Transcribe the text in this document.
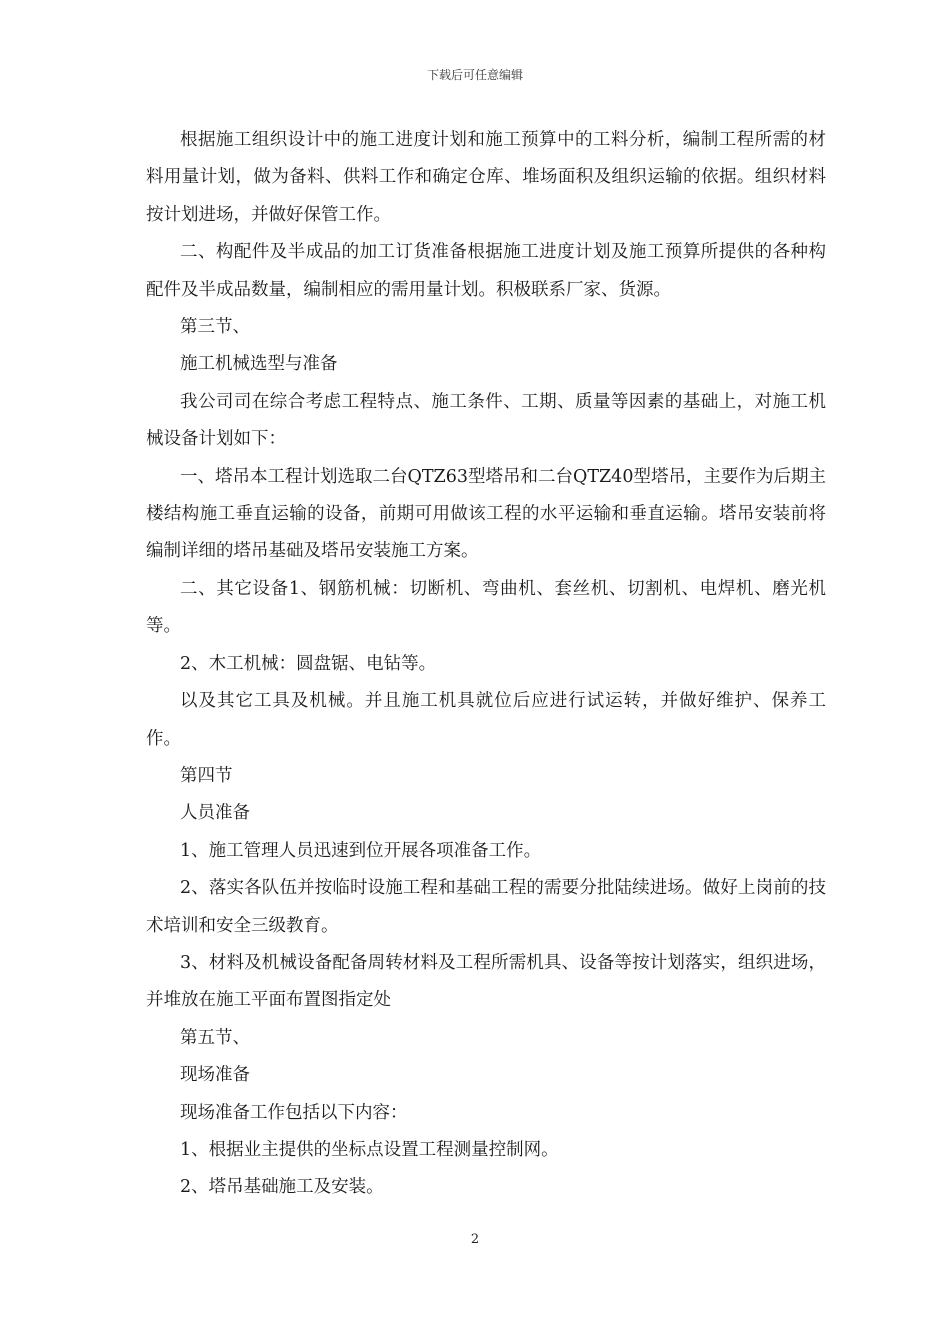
下载后可任意编辑

根据施工组织设计中的施工进度计划和施工预算中的工料分析，编制工程所需的材料用量计划，做为备料、供料工作和确定仓库、堆场面积及组织运输的依据。组织材料按计划进场，并做好保管工作。

二、构配件及半成品的加工订货准备根据施工进度计划及施工预算所提供的各种构配件及半成品数量，编制相应的需用量计划。积极联系厂家、货源。

第三节、

施工机械选型与准备

我公司司在综合考虑工程特点、施工条件、工期、质量等因素的基础上，对施工机械设备计划如下：

一、塔吊本工程计划选取二台QTZ63型塔吊和二台QTZ40型塔吊，主要作为后期主楼结构施工垂直运输的设备，前期可用做该工程的水平运输和垂直运输。塔吊安装前将编制详细的塔吊基础及塔吊安装施工方案。

二、其它设备1、钢筋机械：切断机、弯曲机、套丝机、切割机、电焊机、磨光机等。

2、木工机械：圆盘锯、电钻等。

以及其它工具及机械。并且施工机具就位后应进行试运转，并做好维护、保养工作。

第四节

人员准备

1、施工管理人员迅速到位开展各项准备工作。

2、落实各队伍并按临时设施工程和基础工程的需要分批陆续进场。做好上岗前的技术培训和安全三级教育。

3、材料及机械设备配备周转材料及工程所需机具、设备等按计划落实，组织进场，并堆放在施工平面布置图指定处

第五节、

现场准备

现场准备工作包括以下内容：

1、根据业主提供的坐标点设置工程测量控制网。

2、塔吊基础施工及安装。

2
